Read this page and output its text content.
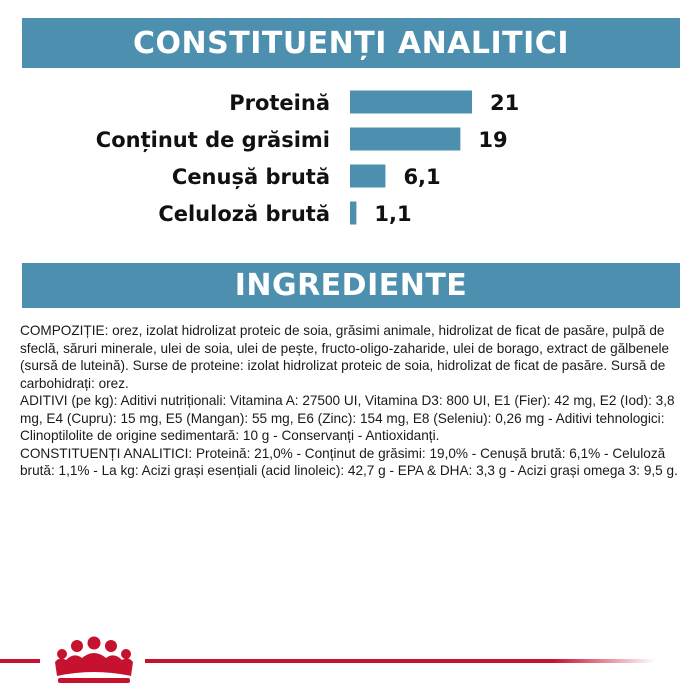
CONSTITUENȚI ANALITICI
Proteină	21
Conținut de grăsimi	19
Cenușă brută	6,1
Celuloză brută 1,1
INGREDIENTE

COMPOZIȚIE: orez, izolat hidrolizat proteic de soia, grăsimi animale, hidrolizat de ficat de pasăre, pulpă de sfeclă, săruri minerale, ulei de soia, ulei de pește, fructo-oligo-zaharide, ulei de borago, extract de gălbenele (sursă de luteină). Surse de proteine: izolat hidrolizat proteic de soia, hidrolizat de ficat de pasăre. Sursă de carbohidrați: orez.

ADITIVI (pe kg): Aditivi nutriționali: Vitamina A: 27500 UI, Vitamina D3: 800 UI, E1 (Fier): 42 mg, E2 (Iod): 3,8 mg, E4 (Cupru): 15 mg, E5 (Mangan): 55 mg, E6 (Zinc): 154 mg, E8 (Seleniu): 0,26 mg - Aditivi tehnologici: Clinoptilolite de origine sedimentară: 10 g - Conservanți - Antioxidanți.

CONSTITUENȚI ANALITICI: Proteină: 21,0% - Conținut de grăsimi: 19,0% - Cenușă brută: 6,1% - Celuloză brută: 1,1% - La kg: Acizi grași esențiali (acid linoleic): 42,7 g - EPA & DHA: 3,3 g - Acizi grași omega 3: 9,5 g.
